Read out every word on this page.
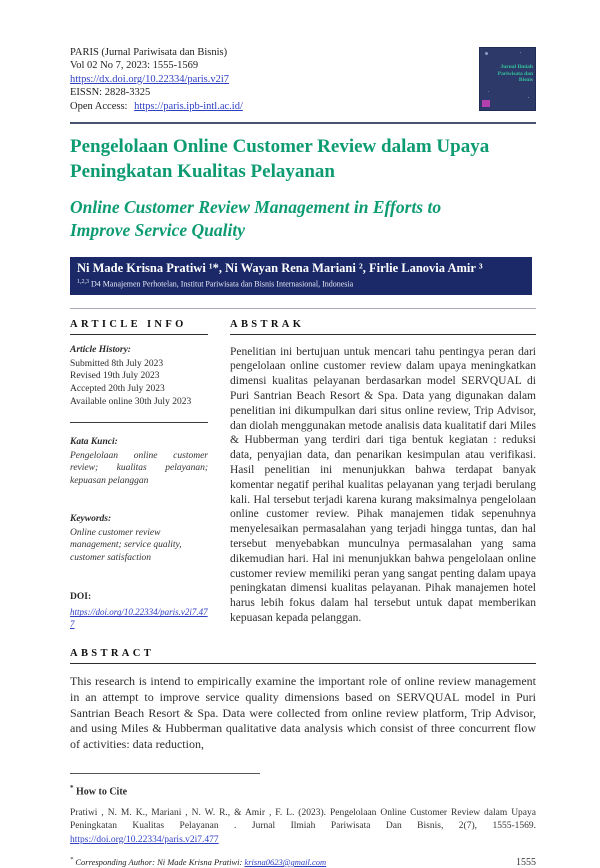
PARIS (Jurnal Pariwisata dan Bisnis)
Vol 02 No 7, 2023: 1555-1569
https://dx.doi.org/10.22334/paris.v2i7
EISSN: 2828-3325
Open Access: https://paris.ipb-intl.ac.id/
Jurnal Ilmiah Pariwisata dan Bisnis
Pengelolaan Online Customer Review dalam Upaya Peningkatan Kualitas Pelayanan
Online Customer Review Management in Efforts to Improve Service Quality
Ni Made Krisna Pratiwi ¹*, Ni Wayan Rena Mariani ², Firlie Lanovia Amir ³
$^{1,2,3}$ D4 Manajemen Perhotelan, Institut Pariwisata dan Bisnis Internasional, Indonesia
ARTICLE INFO
Article History:
Submitted 8th July 2023
Revised 19th July 2023
Accepted 20th July 2023
Available online 30th July 2023
Kata Kunci:

Pengelolaan online customer review; kualitas pelayanan; kepuasan pelanggan

Keywords:

Online customer review management; service quality, customer satisfaction

DOI:
https://doi.org/10.22334/paris.v2i7.477
ABSTRAK

Penelitian ini bertujuan untuk mencari tahu pentingya peran dari pengelolaan online customer review dalam upaya meningkatkan dimensi kualitas pelayanan berdasarkan model SERVQUAL di Puri Santrian Beach Resort & Spa. Data yang digunakan dalam penelitian ini dikumpulkan dari situs online review, Trip Advisor, dan diolah menggunakan metode analisis data kualitatif dari Miles & Hubberman yang terdiri dari tiga bentuk kegiatan : reduksi data, penyajian data, dan penarikan kesimpulan atau verifikasi. Hasil penelitian ini menunjukkan bahwa terdapat banyak komentar negatif perihal kualitas pelayanan yang terjadi berulang kali. Hal tersebut terjadi karena kurang maksimalnya pengelolaan online customer review. Pihak manajemen tidak sepenuhnya menyelesaikan permasalahan yang terjadi hingga tuntas, dan hal tersebut menyebabkan munculnya permasalahan yang sama dikemudian hari. Hal ini menunjukkan bahwa pengelolaan online customer review memiliki peran yang sangat penting dalam upaya peningkatan dimensi kualitas pelayanan. Pihak manajemen hotel harus lebih fokus dalam hal tersebut untuk dapat memberikan kepuasan kepada pelanggan.

ABSTRACT

This research is intend to empirically examine the important role of online review management in an attempt to improve service quality dimensions based on SERVQUAL model in Puri Santrian Beach Resort & Spa. Data were collected from online review platform, Trip Advisor, and using Miles & Hubberman qualitative data analysis which consist of three concurrent flow of activities: data reduction,

* How to Cite

Pratiwi , N. M. K., Mariani , N. W. R., & Amir , F. L. (2023). Pengelolaan Online Customer Review dalam Upaya Peningkatan Kualitas Pelayanan . Jurnal Ilmiah Pariwisata Dan Bisnis, 2(7), 1555-1569. https://doi.org/10.22334/paris.v2i7.477

* Corresponding Author: Ni Made Krisna Pratiwi: krisna0623@gmail.com	1555
